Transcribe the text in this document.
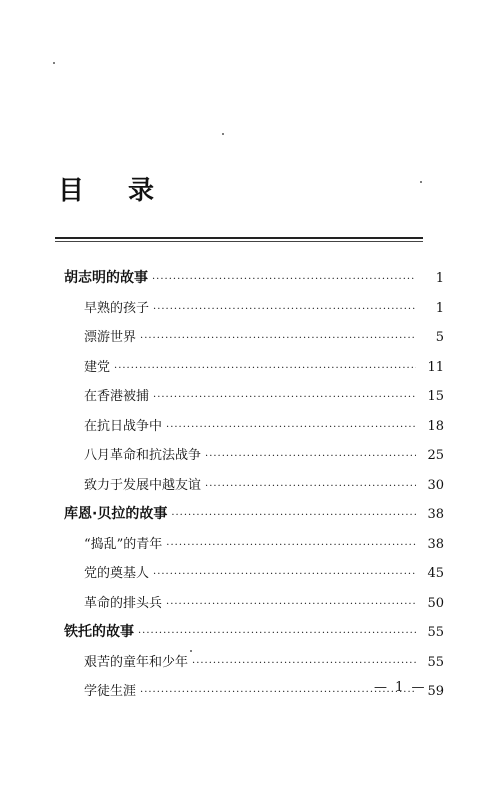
目 录
胡志明的故事 ·····	1
早熟的孩子 ·····	1
漂游世界 ·····	5
建党 ·····	11
在香港被捕 ·····	15
在抗日战争中 ·····	18
八月革命和抗法战争 ·····	25
致力于发展中越友谊 ·····	30
库恩·贝拉的故事 ·····	38
“捣乱”的青年 ·····	38
党的奠基人 ·····	45
革命的排头兵 ·····	50
铁托的故事 ·····	55
艰苦的童年和少年 ·····	55
学徒生涯 ·····	59
— 1 —
